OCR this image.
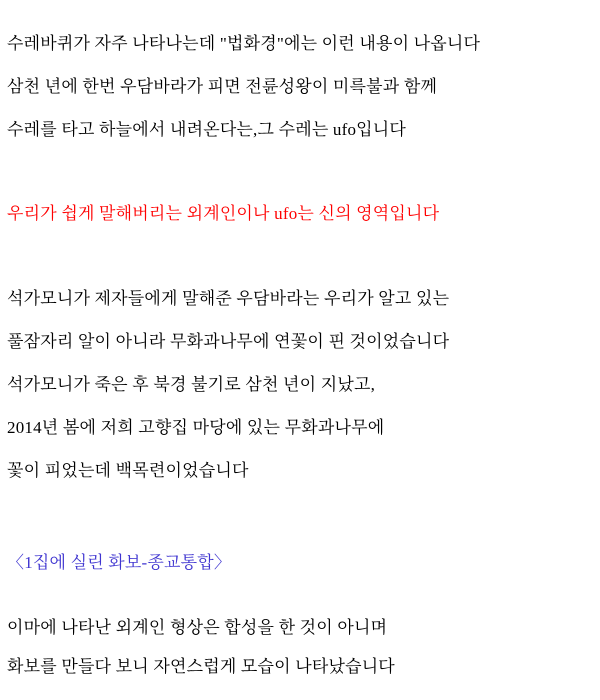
수레바퀴가 자주 나타나는데 "법화경"에는 이런 내용이 나옵니다

삼천 년에 한번 우담바라가 피면 전륜성왕이 미륵불과 함께

수레를 타고 하늘에서 내려온다는,그 수레는 ufo입니다

우리가 쉽게 말해버리는 외계인이나 ufo는 신의 영역입니다

석가모니가 제자들에게 말해준 우담바라는 우리가 알고 있는

풀잠자리 알이 아니라 무화과나무에 연꽃이 핀 것이었습니다

석가모니가 죽은 후 북경 불기로 삼천 년이 지났고,

2014년 봄에 저희 고향집 마당에 있는 무화과나무에

꽃이 피었는데 백목련이었습니다

〈1집에 실린 화보-종교통합〉

이마에 나타난 외계인 형상은 합성을 한 것이 아니며

화보를 만들다 보니 자연스럽게 모습이 나타났습니다
